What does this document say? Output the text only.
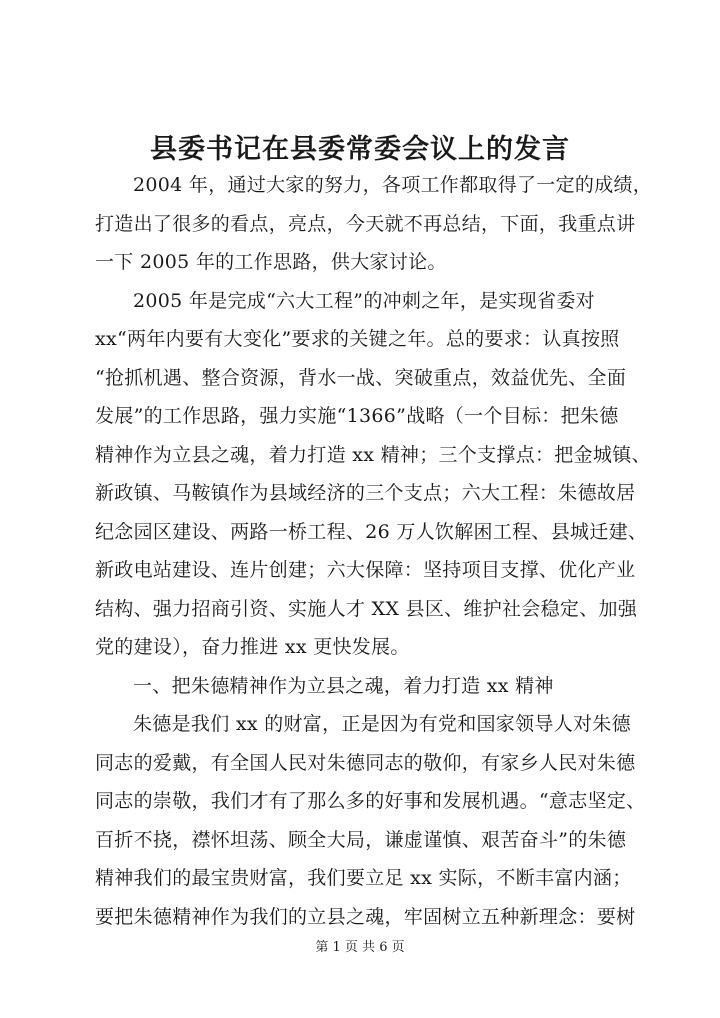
县委书记在县委常委会议上的发言
2004 年，通过大家的努力，各项工作都取得了一定的成绩，
打造出了很多的看点，亮点，今天就不再总结，下面，我重点讲
一下 2005 年的工作思路，供大家讨论。
2005 年是完成“六大工程”的冲刺之年，是实现省委对
xx“两年内要有大变化”要求的关键之年。总的要求：认真按照
“抢抓机遇、整合资源，背水一战、突破重点，效益优先、全面
发展”的工作思路，强力实施“1366”战略（一个目标：把朱德
精神作为立县之魂，着力打造 xx 精神；三个支撑点：把金城镇、
新政镇、马鞍镇作为县域经济的三个支点；六大工程：朱德故居
纪念园区建设、两路一桥工程、26 万人饮解困工程、县城迁建、
新政电站建设、连片创建；六大保障：坚持项目支撑、优化产业
结构、强力招商引资、实施人才 XX 县区、维护社会稳定、加强
党的建设），奋力推进 xx 更快发展。
一、把朱德精神作为立县之魂，着力打造 xx 精神
朱德是我们 xx 的财富，正是因为有党和国家领导人对朱德
同志的爱戴，有全国人民对朱德同志的敬仰，有家乡人民对朱德
同志的崇敬，我们才有了那么多的好事和发展机遇。“意志坚定、
百折不挠，襟怀坦荡、顾全大局，谦虚谨慎、艰苦奋斗”的朱德
精神我们的最宝贵财富，我们要立足 xx 实际，不断丰富内涵；
要把朱德精神作为我们的立县之魂，牢固树立五种新理念：要树
第 1 页 共 6 页
